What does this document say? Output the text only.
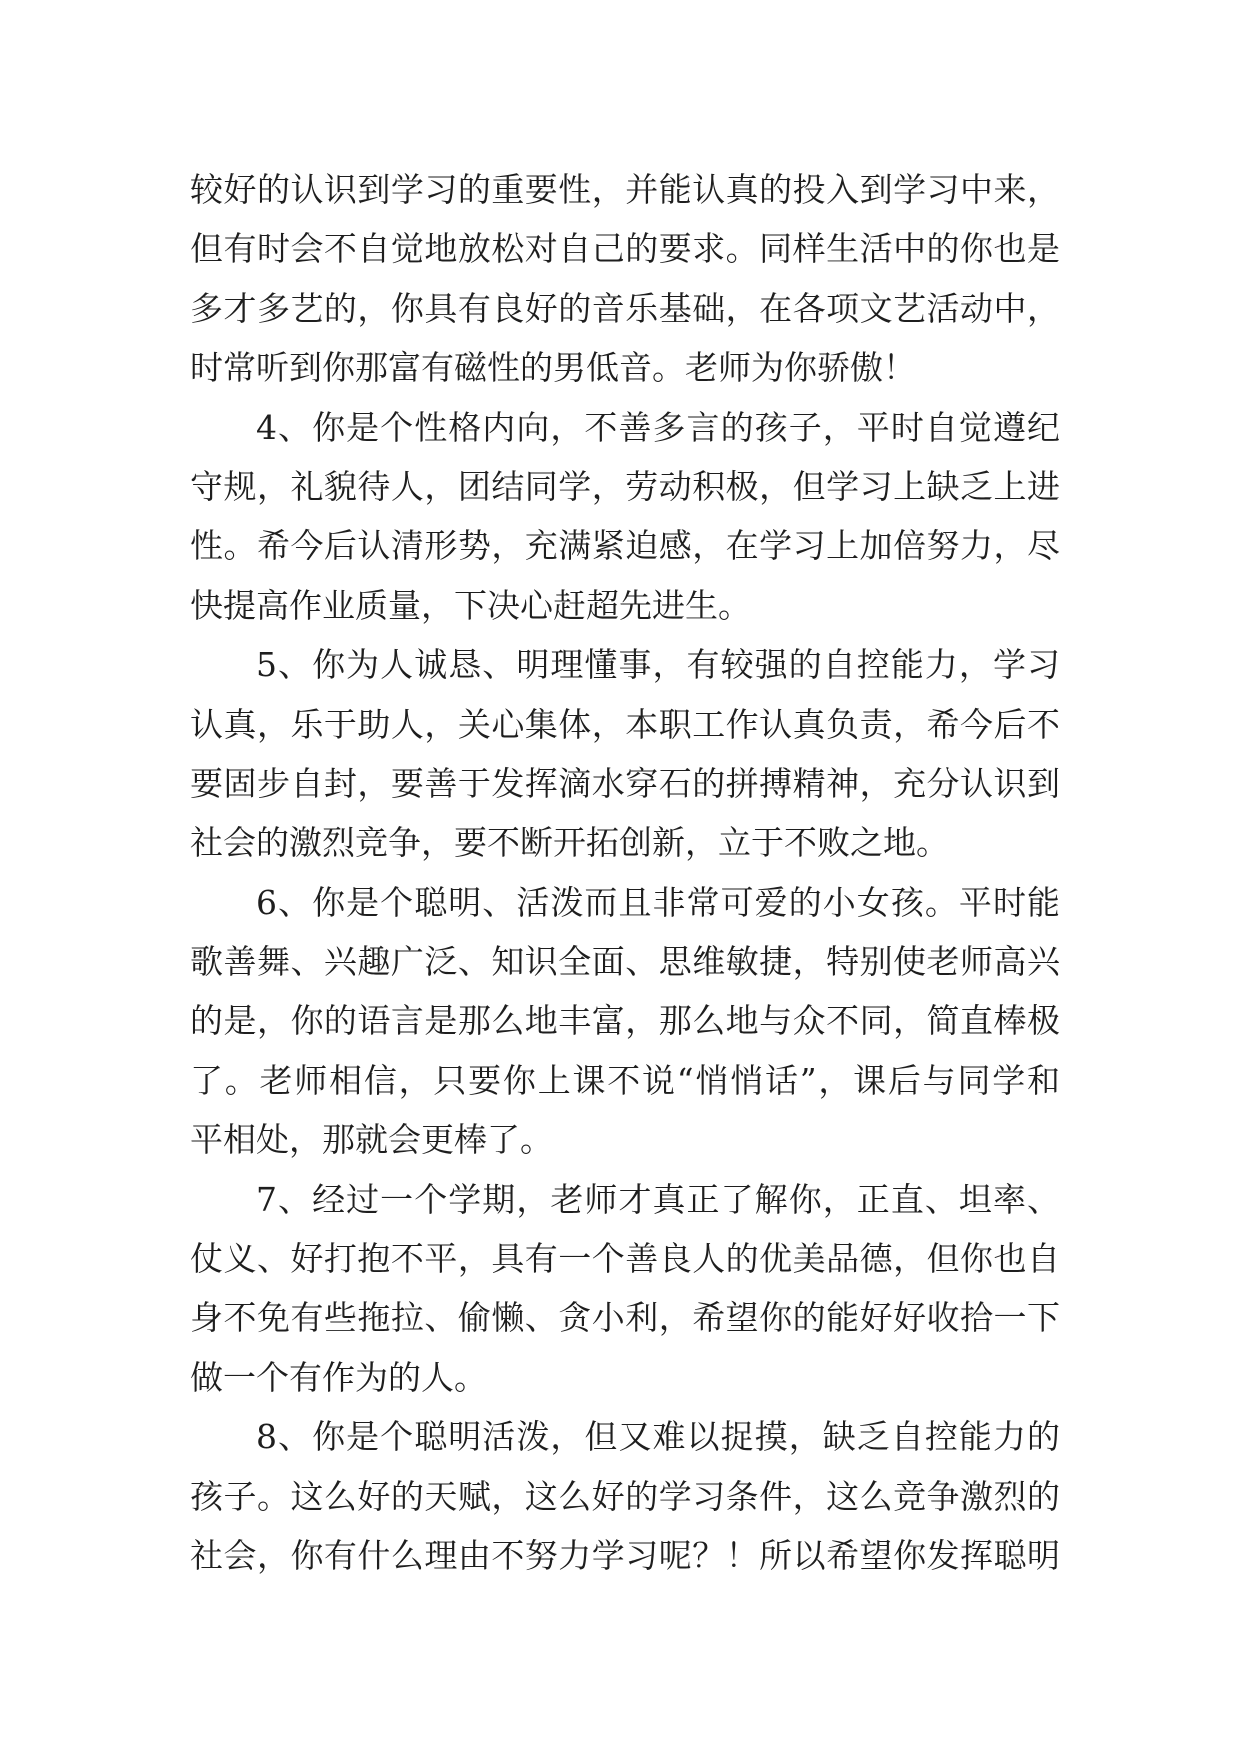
较好的认识到学习的重要性，并能认真的投入到学习中来，
但有时会不自觉地放松对自己的要求。同样生活中的你也是
多才多艺的，你具有良好的音乐基础，在各项文艺活动中，
时常听到你那富有磁性的男低音。老师为你骄傲！
4、你是个性格内向，不善多言的孩子，平时自觉遵纪
守规，礼貌待人，团结同学，劳动积极，但学习上缺乏上进
性。希今后认清形势，充满紧迫感，在学习上加倍努力，尽
快提高作业质量，下决心赶超先进生。
5、你为人诚恳、明理懂事，有较强的自控能力，学习
认真，乐于助人，关心集体，本职工作认真负责，希今后不
要固步自封，要善于发挥滴水穿石的拼搏精神，充分认识到
社会的激烈竞争，要不断开拓创新，立于不败之地。
6、你是个聪明、活泼而且非常可爱的小女孩。平时能
歌善舞、兴趣广泛、知识全面、思维敏捷，特别使老师高兴
的是，你的语言是那么地丰富，那么地与众不同，简直棒极
了。老师相信，只要你上课不说“悄悄话”，课后与同学和
平相处，那就会更棒了。
7、经过一个学期，老师才真正了解你，正直、坦率、
仗义、好打抱不平，具有一个善良人的优美品德，但你也自
身不免有些拖拉、偷懒、贪小利，希望你的能好好收拾一下
做一个有作为的人。
8、你是个聪明活泼，但又难以捉摸，缺乏自控能力的
孩子。这么好的天赋，这么好的学习条件，这么竞争激烈的
社会，你有什么理由不努力学习呢？！所以希望你发挥聪明
